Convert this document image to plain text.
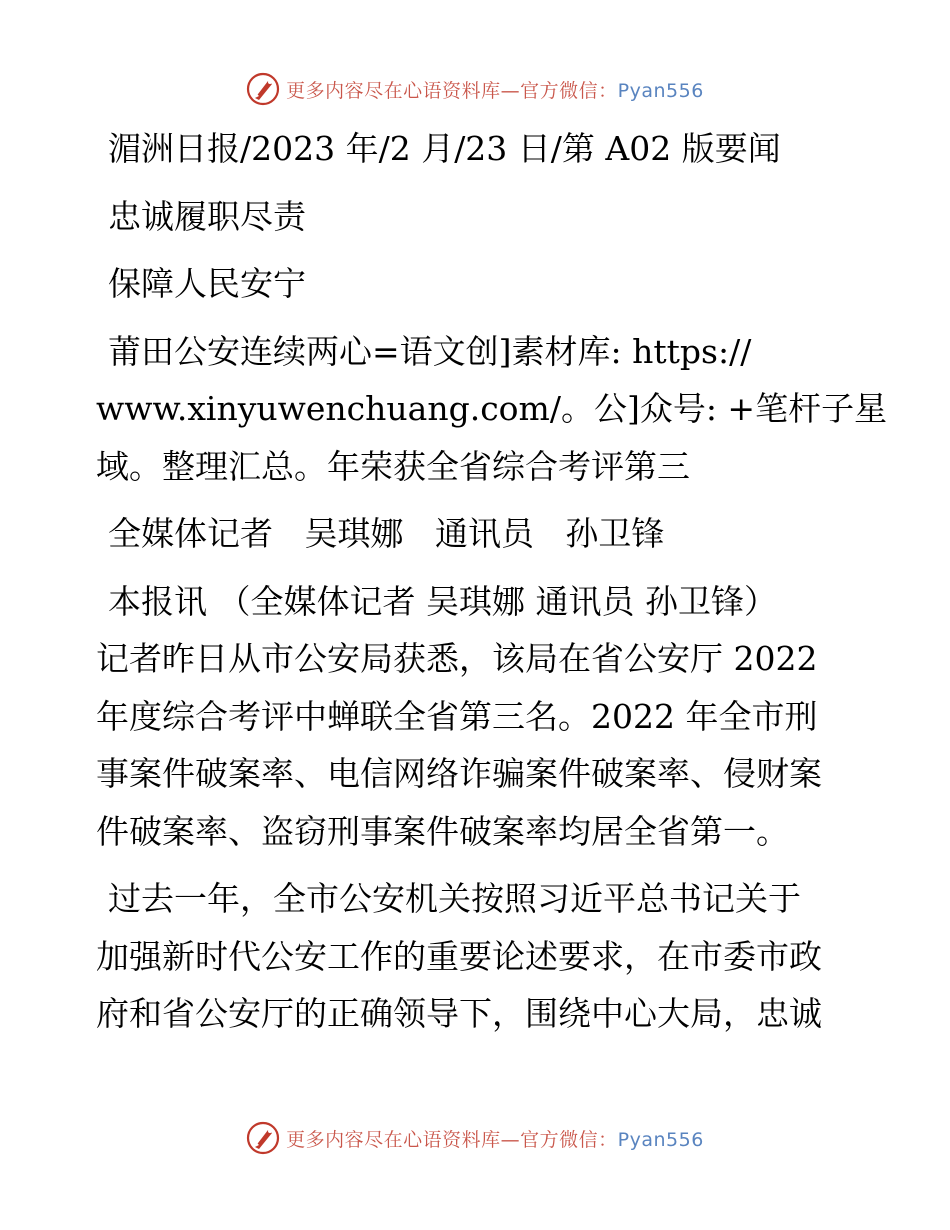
更多内容尽在心语资料库—官方微信：Pyan556
湄洲日报/2023 年/2 月/23 日/第 A02 版要闻
忠诚履职尽责
保障人民安宁
莆田公安连续两心=语文创]素材库: https://
www.xinyuwenchuang.com/。公]众号: +笔杆子星
域。整理汇总。年荣获全省综合考评第三
全媒体记者   吴琪娜   通讯员   孙卫锋
本报讯 （全媒体记者 吴琪娜 通讯员 孙卫锋）
记者昨日从市公安局获悉，该局在省公安厅 2022
年度综合考评中蝉联全省第三名。2022 年全市刑
事案件破案率、电信网络诈骗案件破案率、侵财案
件破案率、盗窃刑事案件破案率均居全省第一。
过去一年，全市公安机关按照习近平总书记关于
加强新时代公安工作的重要论述要求，在市委市政
府和省公安厅的正确领导下，围绕中心大局，忠诚
更多内容尽在心语资料库—官方微信：Pyan556
